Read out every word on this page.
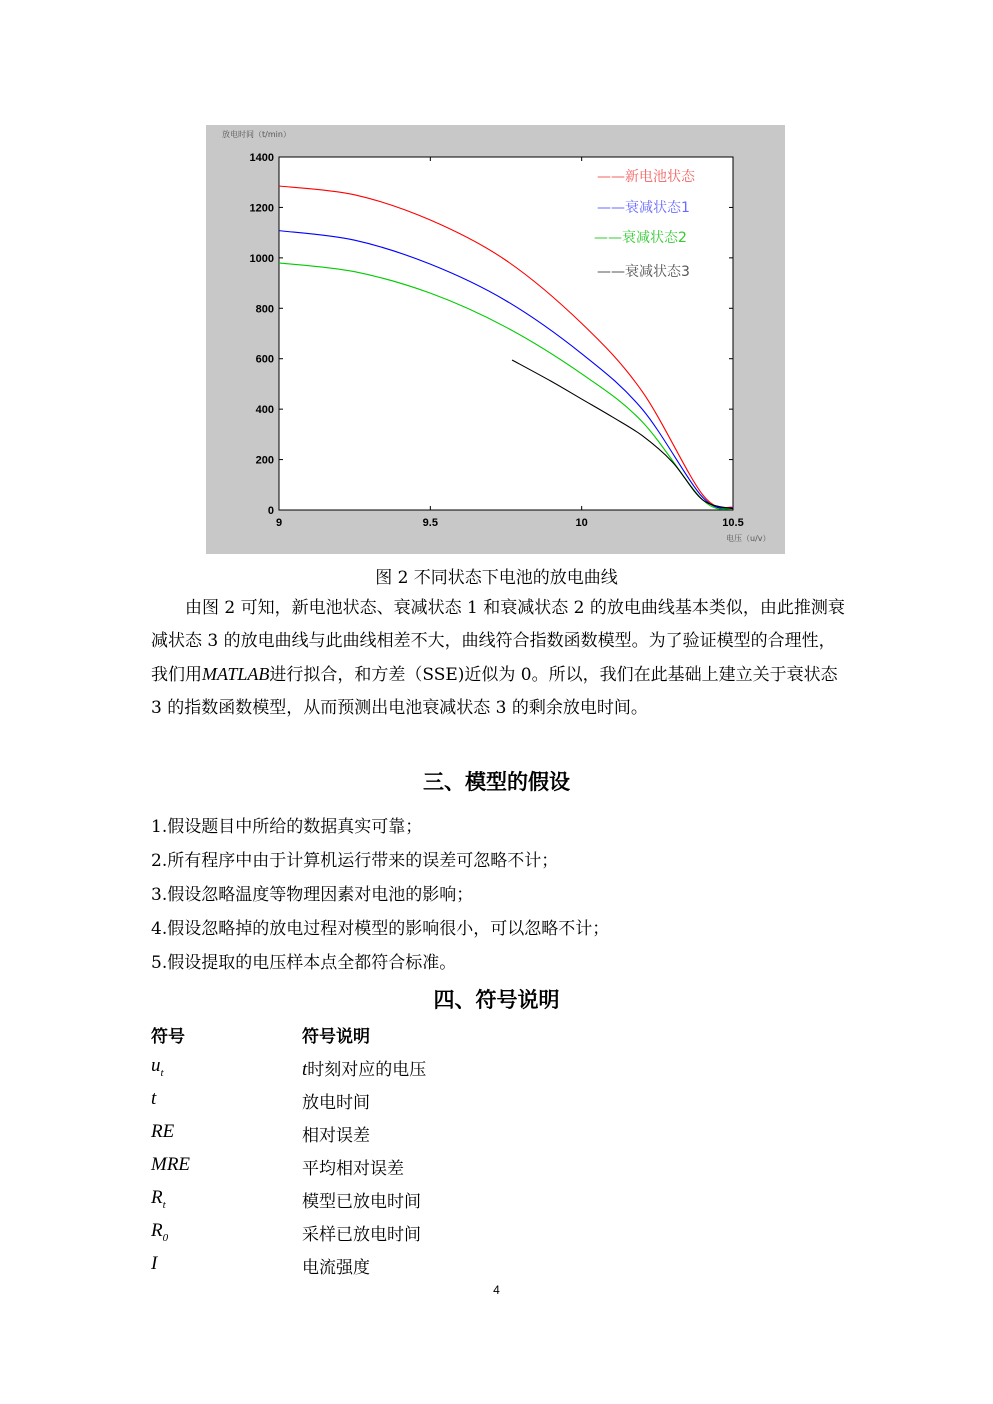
0
200
400
600
800
1000
1200
1400
9	9.5	10	10.5
放电时间（t/min）
电压（u/v）
——新电池状态
——衰减状态1
——衰减状态2
——衰减状态3
图 2 不同状态下电池的放电曲线

由图 2 可知，新电池状态、衰减状态 1 和衰减状态 2 的放电曲线基本类似，由此推测衰减状态 3 的放电曲线与此曲线相差不大，曲线符合指数函数模型。为了验证模型的合理性，我们用MATLAB进行拟合，和方差（SSE)近似为 0。所以，我们在此基础上建立关于衰状态 3 的指数函数模型，从而预测出电池衰减状态 3 的剩余放电时间。

三、模型的假设
1.假设题目中所给的数据真实可靠；
2.所有程序中由于计算机运行带来的误差可忽略不计；
3.假设忽略温度等物理因素对电池的影响；
4.假设忽略掉的放电过程对模型的影响很小，可以忽略不计；
5.假设提取的电压样本点全都符合标准。
四、符号说明
符号	符号说明
$u_t$	t时刻对应的电压
t	放电时间
RE	相对误差
MRE	平均相对误差
$R_t$	模型已放电时间
$R_0$	采样已放电时间
I	电流强度
4
